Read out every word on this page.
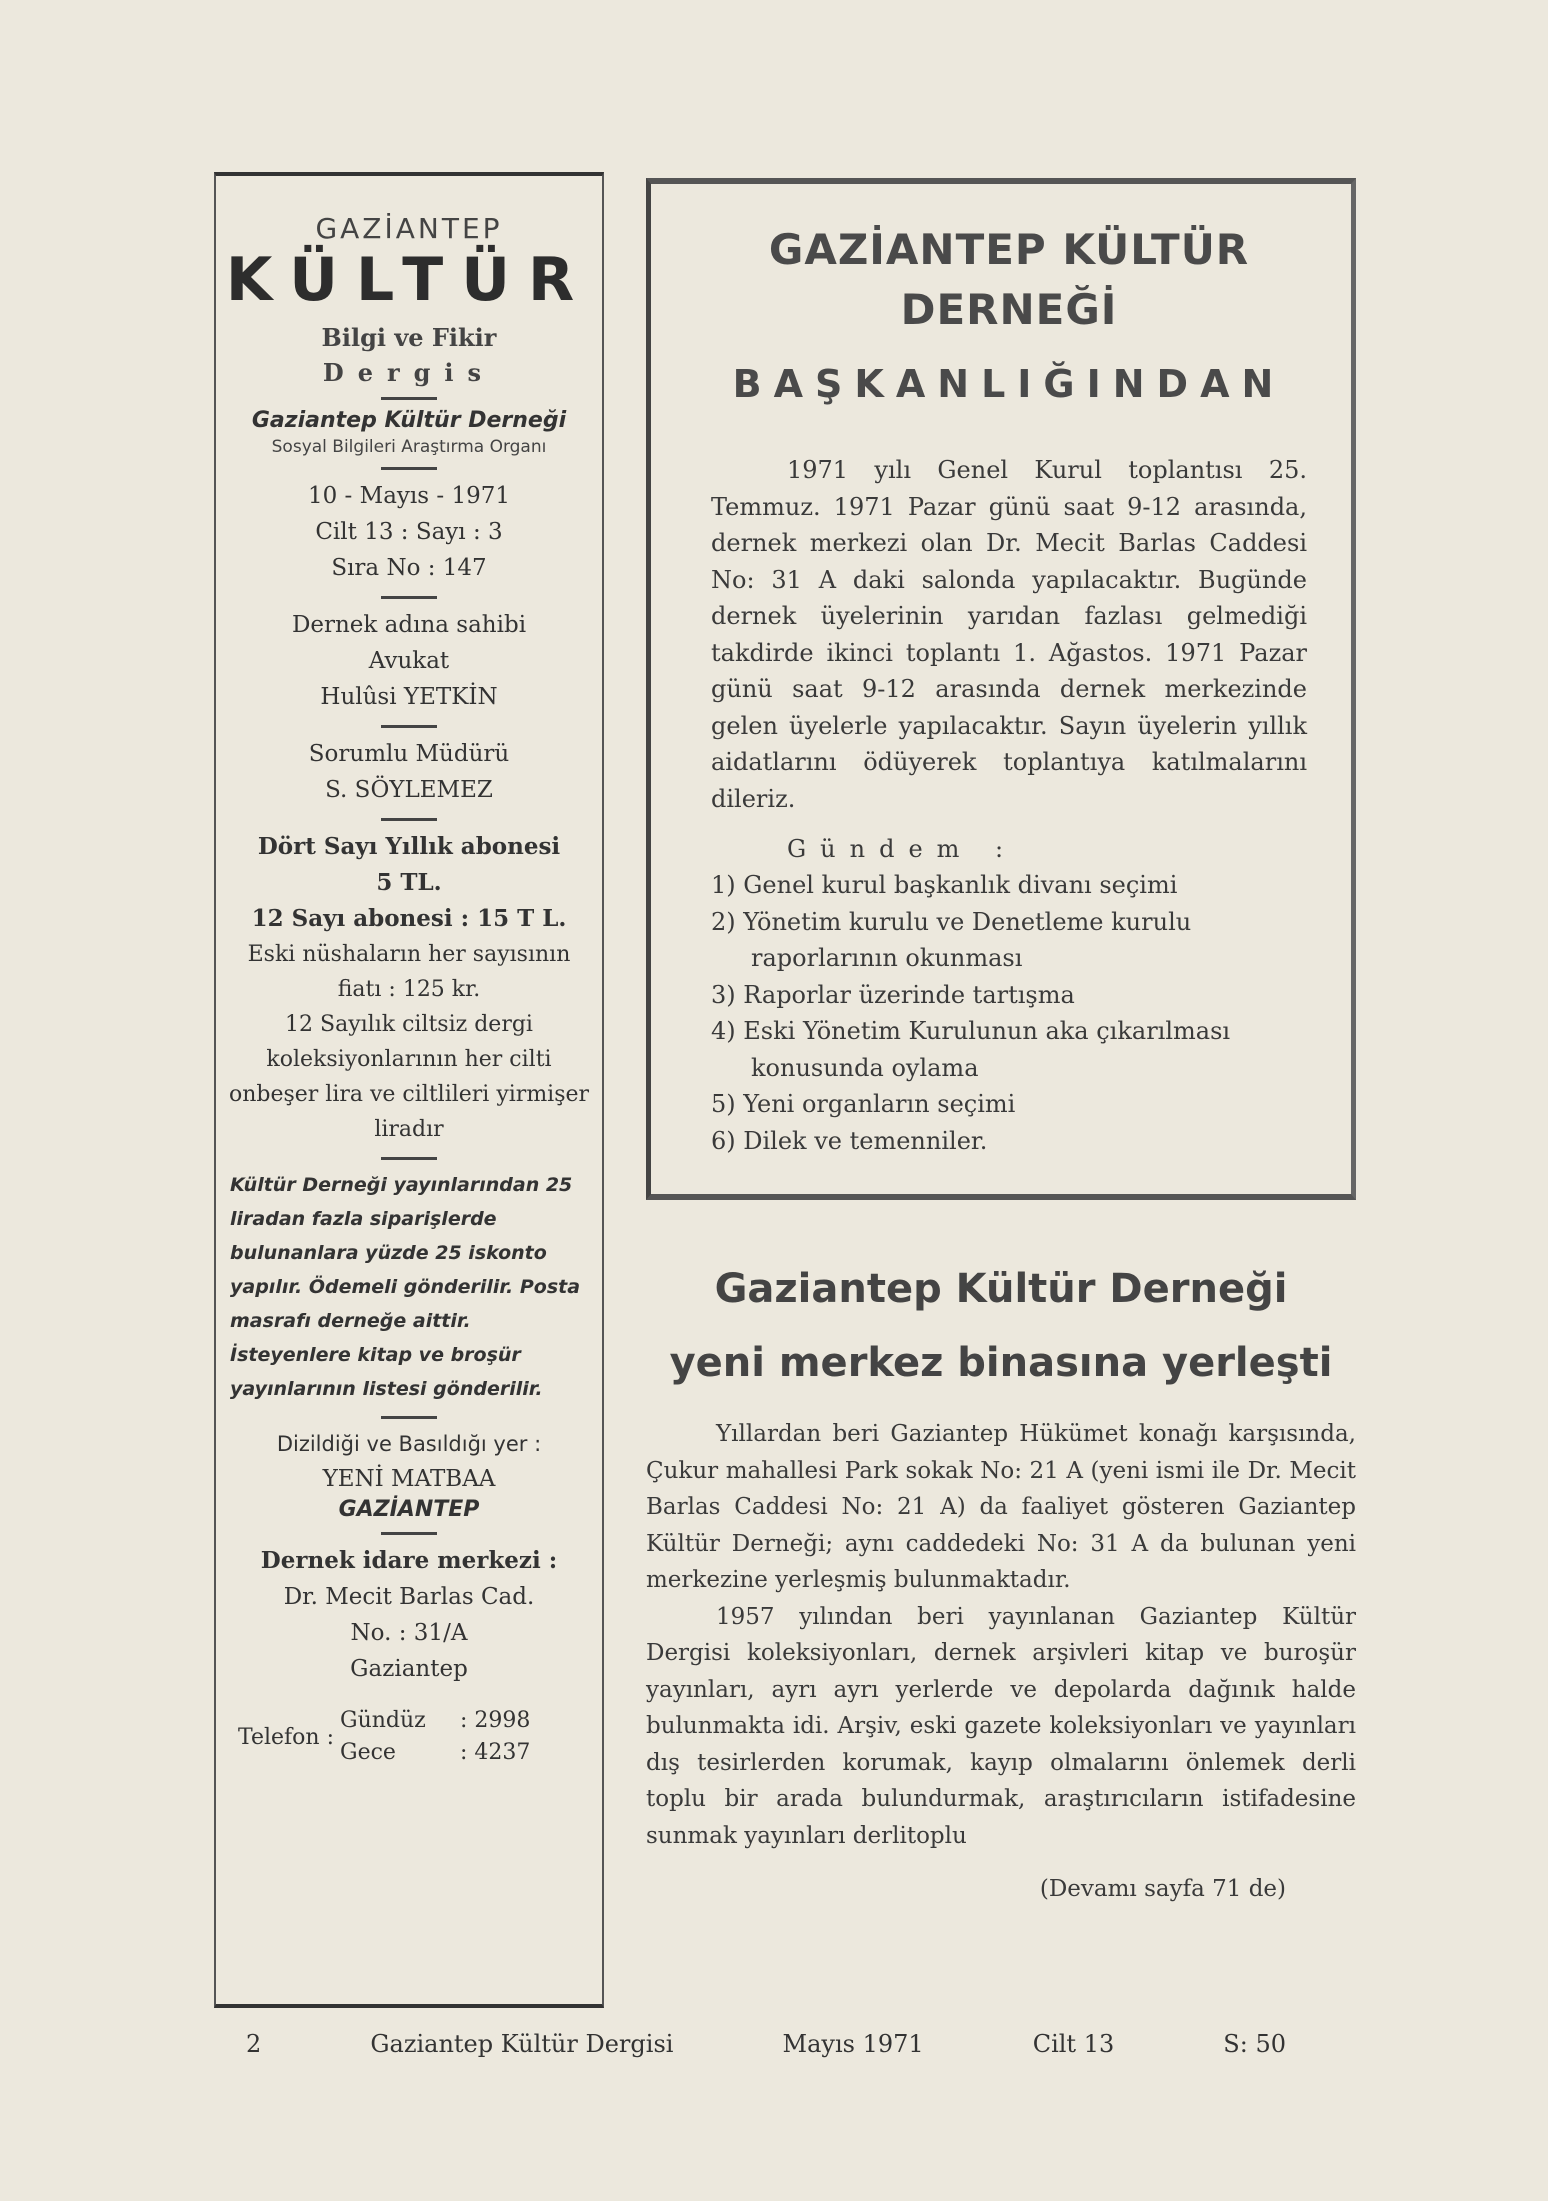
GAZİANTEP
KÜLTÜR
Bilgi ve Fikir
Dergis
Gaziantep Kültür Derneği
Sosyal Bilgileri Araştırma Organı
10 - Mayıs - 1971
Cilt 13 : Sayı : 3
Sıra No : 147
Dernek adına sahibi
Avukat
Hulûsi YETKİN
Sorumlu Müdürü
S. SÖYLEMEZ
Dört Sayı Yıllık abonesi
5 TL.
12 Sayı abonesi : 15 T L.
Eski nüshaların her sayısının fiatı : 125 kr.
12 Sayılık ciltsiz dergi koleksiyonlarının her cilti onbeşer lira ve ciltlileri yirmişer liradır
Kültür Derneği yayınlarından 25 liradan fazla siparişlerde bulunanlara yüzde 25 iskonto yapılır. Ödemeli gönderilir. Posta masrafı derneğe aittir. İsteyenlere kitap ve broşür yayınlarının listesi gönderilir.
Dizildiği ve Basıldığı yer :
YENİ MATBAA
GAZİANTEP
Dernek idare merkezi :
Dr. Mecit Barlas Cad.
No. : 31/A
Gaziantep
Telefon :
Gündüz : 2998
Gece	: 4237
GAZİANTEP KÜLTÜR DERNEĞİ
BAŞKANLIĞINDAN

1971 yılı Genel Kurul toplantısı 25. Temmuz. 1971 Pazar günü saat 9-12 arasında, dernek merkezi olan Dr. Mecit Barlas Caddesi No: 31 A daki salonda yapılacaktır. Bugünde dernek üyelerinin yarıdan fazlası gelmediği takdirde ikinci toplantı 1. Ağastos. 1971 Pazar günü saat 9-12 arasında dernek merkezinde gelen üyelerle yapılacaktır. Sayın üyelerin yıllık aidatlarını ödüyerek toplantıya katılmalarını dileriz.

Gündem :
1) Genel kurul başkanlık divanı seçimi
2) Yönetim kurulu ve Denetleme kurulu raporlarının okunması
3) Raporlar üzerinde tartışma
4) Eski Yönetim Kurulunun aka çıkarılması konusunda oylama
5) Yeni organların seçimi
6) Dilek ve temenniler.
Gaziantep Kültür Derneği
yeni merkez binasına yerleşti

Yıllardan beri Gaziantep Hükümet konağı karşısında, Çukur mahallesi Park sokak No: 21 A (yeni ismi ile Dr. Mecit Barlas Caddesi No: 21 A) da faaliyet gösteren Gaziantep Kültür Derneği; aynı caddedeki No: 31 A da bulunan yeni merkezine yerleşmiş bulunmaktadır.

1957 yılından beri yayınlanan Gaziantep Kültür Dergisi koleksiyonları, dernek arşivleri kitap ve buroşür yayınları, ayrı ayrı yerlerde ve depolarda dağınık halde bulunmakta idi. Arşiv, eski gazete koleksiyonları ve yayınları dış tesirlerden korumak, kayıp olmalarını önlemek derli toplu bir arada bulundurmak, araştırıcıların istifadesine sunmak yayınları derlitoplu

(Devamı sayfa 71 de)
2	Gaziantep Kültür Dergisi	Mayıs 1971	Cilt 13	S: 50
